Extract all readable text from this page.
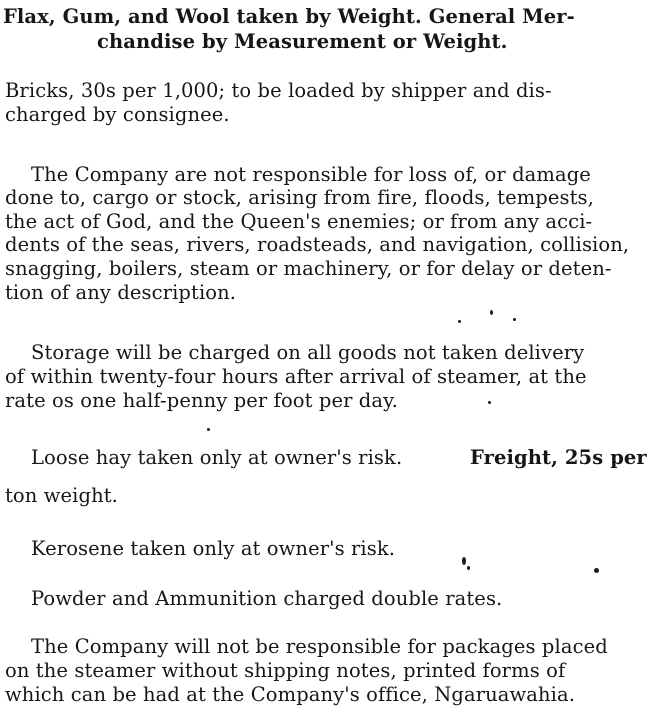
Flax, Gum, and Wool taken by Weight. General Mer-
chandise by Measurement or Weight.
Bricks, 30s per 1,000; to be loaded by shipper and dis-
charged by consignee.
The Company are not responsible for loss of, or damage
done to, cargo or stock, arising from fire, floods, tempests,
the act of God, and the Queen's enemies; or from any acci-
dents of the seas, rivers, roadsteads, and navigation, collision,
snagging, boilers, steam or machinery, or for delay or deten-
tion of any description.
Storage will be charged on all goods not taken delivery
of within twenty-four hours after arrival of steamer, at the
rate os one half-penny per foot per day.
Loose hay taken only at owner's risk.	Freight, 25s per
ton weight.
Kerosene taken only at owner's risk.
Powder and Ammunition charged double rates.
The Company will not be responsible for packages placed
on the steamer without shipping notes, printed forms of
which can be had at the Company's office, Ngaruawahia.
